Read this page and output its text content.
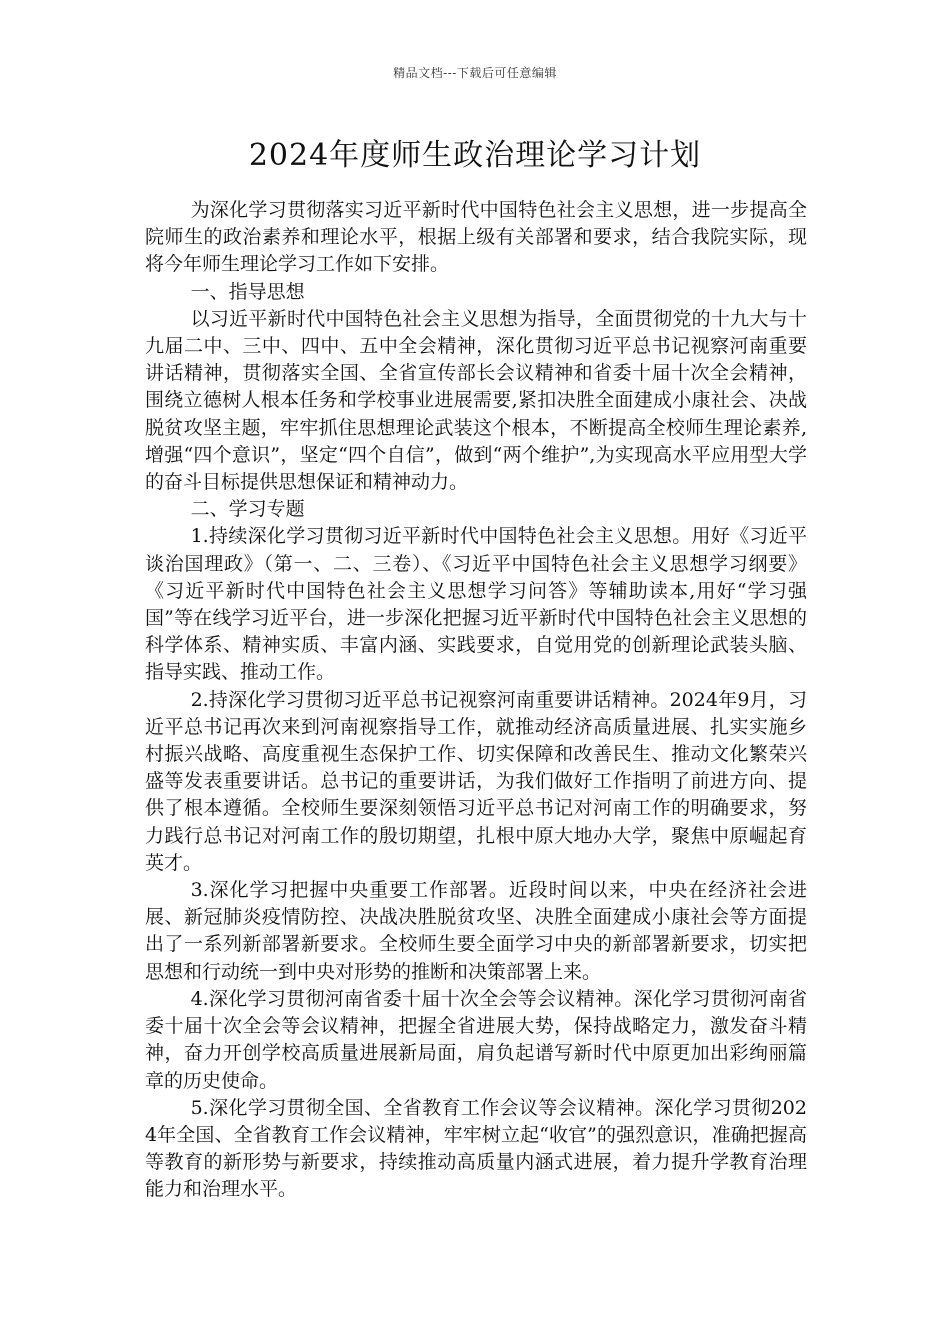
精品文档---下载后可任意编辑
2024年度师生政治理论学习计划

为深化学习贯彻落实习近平新时代中国特色社会主义思想，进一步提高全院师生的政治素养和理论水平，根据上级有关部署和要求，结合我院实际，现将今年师生理论学习工作如下安排。

一、指导思想

以习近平新时代中国特色社会主义思想为指导，全面贯彻党的十九大与十九届二中、三中、四中、五中全会精神，深化贯彻习近平总书记视察河南重要讲话精神，贯彻落实全国、全省宣传部长会议精神和省委十届十次全会精神，围绕立德树人根本任务和学校事业进展需要,紧扣决胜全面建成小康社会、决战脱贫攻坚主题，牢牢抓住思想理论武装这个根本，不断提高全校师生理论素养,增强“四个意识”，坚定“四个自信”，做到“两个维护”,为实现高水平应用型大学的奋斗目标提供思想保证和精神动力。

二、学习专题

1.持续深化学习贯彻习近平新时代中国特色社会主义思想。用好《习近平谈治国理政》（第一、二、三卷）、《习近平中国特色社会主义思想学习纲要》《习近平新时代中国特色社会主义思想学习问答》等辅助读本,用好“学习强国”等在线学习近平台，进一步深化把握习近平新时代中国特色社会主义思想的科学体系、精神实质、丰富内涵、实践要求，自觉用党的创新理论武装头脑、指导实践、推动工作。

2.持深化学习贯彻习近平总书记视察河南重要讲话精神。2024年9月，习近平总书记再次来到河南视察指导工作，就推动经济高质量进展、扎实实施乡村振兴战略、高度重视生态保护工作、切实保障和改善民生、推动文化繁荣兴盛等发表重要讲话。总书记的重要讲话，为我们做好工作指明了前进方向、提供了根本遵循。全校师生要深刻领悟习近平总书记对河南工作的明确要求，努力践行总书记对河南工作的殷切期望，扎根中原大地办大学，聚焦中原崛起育英才。

3.深化学习把握中央重要工作部署。近段时间以来，中央在经济社会进展、新冠肺炎疫情防控、决战决胜脱贫攻坚、决胜全面建成小康社会等方面提出了一系列新部署新要求。全校师生要全面学习中央的新部署新要求，切实把思想和行动统一到中央对形势的推断和决策部署上来。

4.深化学习贯彻河南省委十届十次全会等会议精神。深化学习贯彻河南省委十届十次全会等会议精神，把握全省进展大势，保持战略定力，激发奋斗精神，奋力开创学校高质量进展新局面，肩负起谱写新时代中原更加出彩绚丽篇章的历史使命。

5.深化学习贯彻全国、全省教育工作会议等会议精神。深化学习贯彻2024年全国、全省教育工作会议精神，牢牢树立起“收官”的强烈意识，准确把握高等教育的新形势与新要求，持续推动高质量内涵式进展，着力提升学教育治理能力和治理水平。
